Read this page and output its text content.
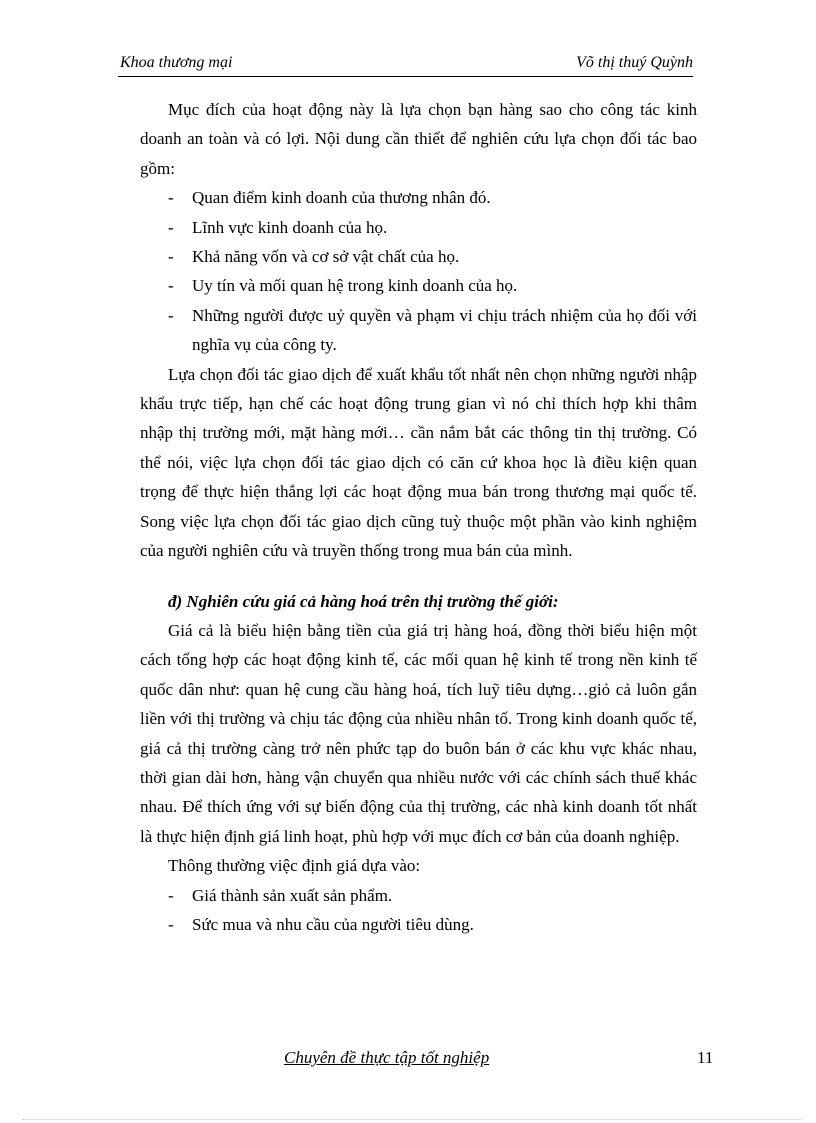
Khoa thương mại	Võ thị thuý Quỳnh

Mục đích của hoạt động này là lựa chọn bạn hàng sao cho công tác kinh doanh an toàn và có lợi. Nội dung cần thiết để nghiên cứu lựa chọn đối tác bao gồm:

- Quan điểm kinh doanh của thương nhân đó.
- Lĩnh vực kinh doanh của họ.
- Khả năng vốn và cơ sở vật chất của họ.
- Uy tín và mối quan hệ trong kinh doanh của họ.
- Những người được uỷ quyền và phạm vi chịu trách nhiệm của họ đối với nghĩa vụ của công ty.

Lựa chọn đối tác giao dịch để xuất khẩu tốt nhất nên chọn những người nhập khẩu trực tiếp, hạn chế các hoạt động trung gian vì nó chỉ thích hợp khi thâm nhập thị trường mới, mặt hàng mới… cần nắm bắt các thông tin thị trường. Có thể nói, việc lựa chọn đối tác giao dịch có căn cứ khoa học là điều kiện quan trọng để thực hiện thắng lợi các hoạt động mua bán trong thương mại quốc tế. Song việc lựa chọn đối tác giao dịch cũng tuỳ thuộc một phần vào kinh nghiệm của người nghiên cứu và truyền thống trong mua bán của mình.

đ) Nghiên cứu giá cả hàng hoá trên thị trường thế giới:

Giá cả là biểu hiện bằng tiền của giá trị hàng hoá, đồng thời biểu hiện một cách tổng hợp các hoạt động kinh tế, các mối quan hệ kinh tế trong nền kinh tế quốc dân như: quan hệ cung cầu hàng hoá, tích luỹ tiêu dựng…giỏ cả luôn gắn liền với thị trường và chịu tác động của nhiều nhân tố. Trong kinh doanh quốc tế, giá cả thị trường càng trở nên phức tạp do buôn bán ở các khu vực khác nhau, thời gian dài hơn, hàng vận chuyển qua nhiều nước với các chính sách thuế khác nhau. Để thích ứng với sự biến động của thị trường, các nhà kinh doanh tốt nhất là thực hiện định giá linh hoạt, phù hợp với mục đích cơ bản của doanh nghiệp.

Thông thường việc định giá dựa vào:

- Giá thành sản xuất sản phẩm.
- Sức mua và nhu cầu của người tiêu dùng.
Chuyên đề thực tập tốt nghiệp	11
